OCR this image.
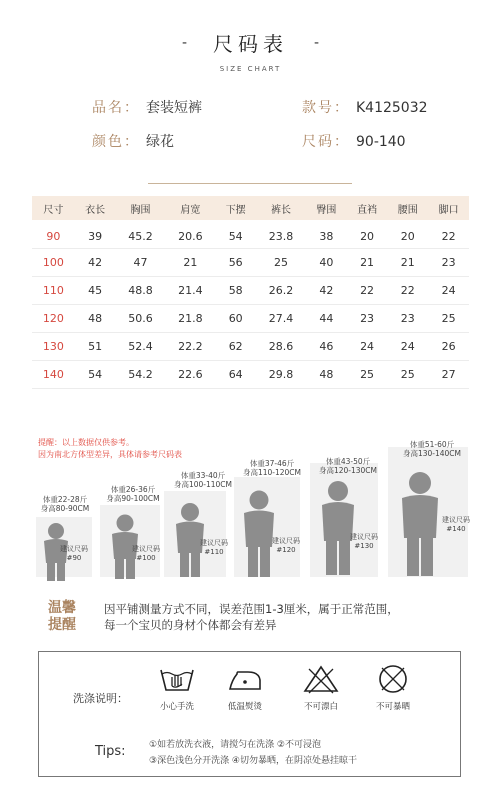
- 尺码表 -
SIZE CHART
品名： 套装短裤	款号： K4125032
颜色： 绿花	尺码： 90-140
尺寸	衣长	胸围	肩宽	下摆	裤长	臀围	直裆	腰围	脚口
90	39	45.2	20.6	54	23.8	38	20	20	22
100	42	47	21	56	25	40	21	21	23
110	45	48.8	21.4	58	26.2	42	22	22	24
120	48	50.6	21.8	60	27.4	44	23	23	25
130	51	52.4	22.2	62	28.6	46	24	24	26
140	54	54.2	22.6	64	29.8	48	25	25	27
提醒：以上数据仅供参考。
因为南北方体型差异，具体请参考尺码表
体重22-28斤
身高80-90CM
建议尺码
#90
体重26-36斤
身高90-100CM
建议尺码
#100
体重33-40斤
身高100-110CM
建议尺码
#110
体重37-46斤
身高110-120CM
建议尺码
#120
体重43-50斤
身高120-130CM
建议尺码
#130
体重51-60斤
身高130-140CM
建议尺码
#140
温馨
提醒
因平铺测量方式不同，误差范围1-3厘米，属于正常范围，
每一个宝贝的身材个体都会有差异
洗涤说明：
小心手洗	低温熨烫	不可漂白	不可暴晒
Tips:	①如若放洗衣液，请搅匀在洗涤 ②不可浸泡
③深色浅色分开洗涤 ④切勿暴晒，在阴凉处悬挂晾干
